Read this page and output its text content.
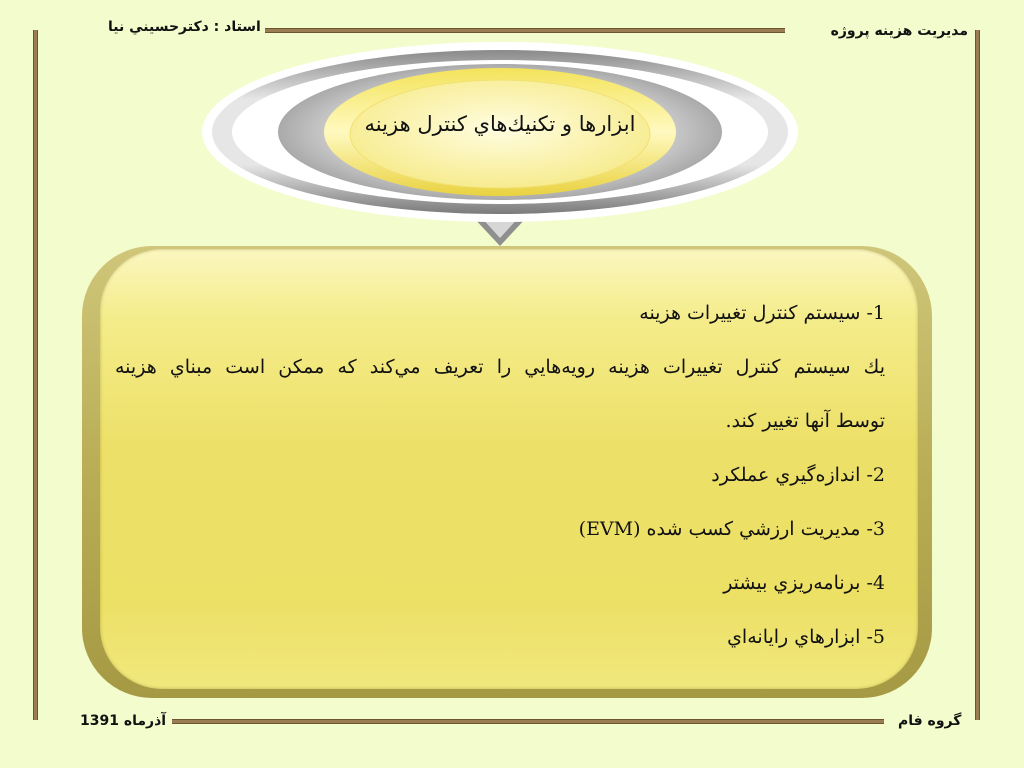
مديريت هزينه پروژه
استاد : دكترحسيني نيا
گروه فام
آذرماه 1391
ابزارها و تكنيك‌هاي كنترل هزينه
1- سيستم كنترل تغييرات هزينه
يك سيستم كنترل تغييرات هزينه رويه‌هايي را تعريف مي‌كند كه ممكن است مبناي هزينه
توسط آنها تغيير كند.
2- اندازه‌گيري عملكرد
3- مديريت ارزشي كسب شده (EVM)
4- برنامه‌ريزي بيشتر
5- ابزارهاي رايانه‌اي
